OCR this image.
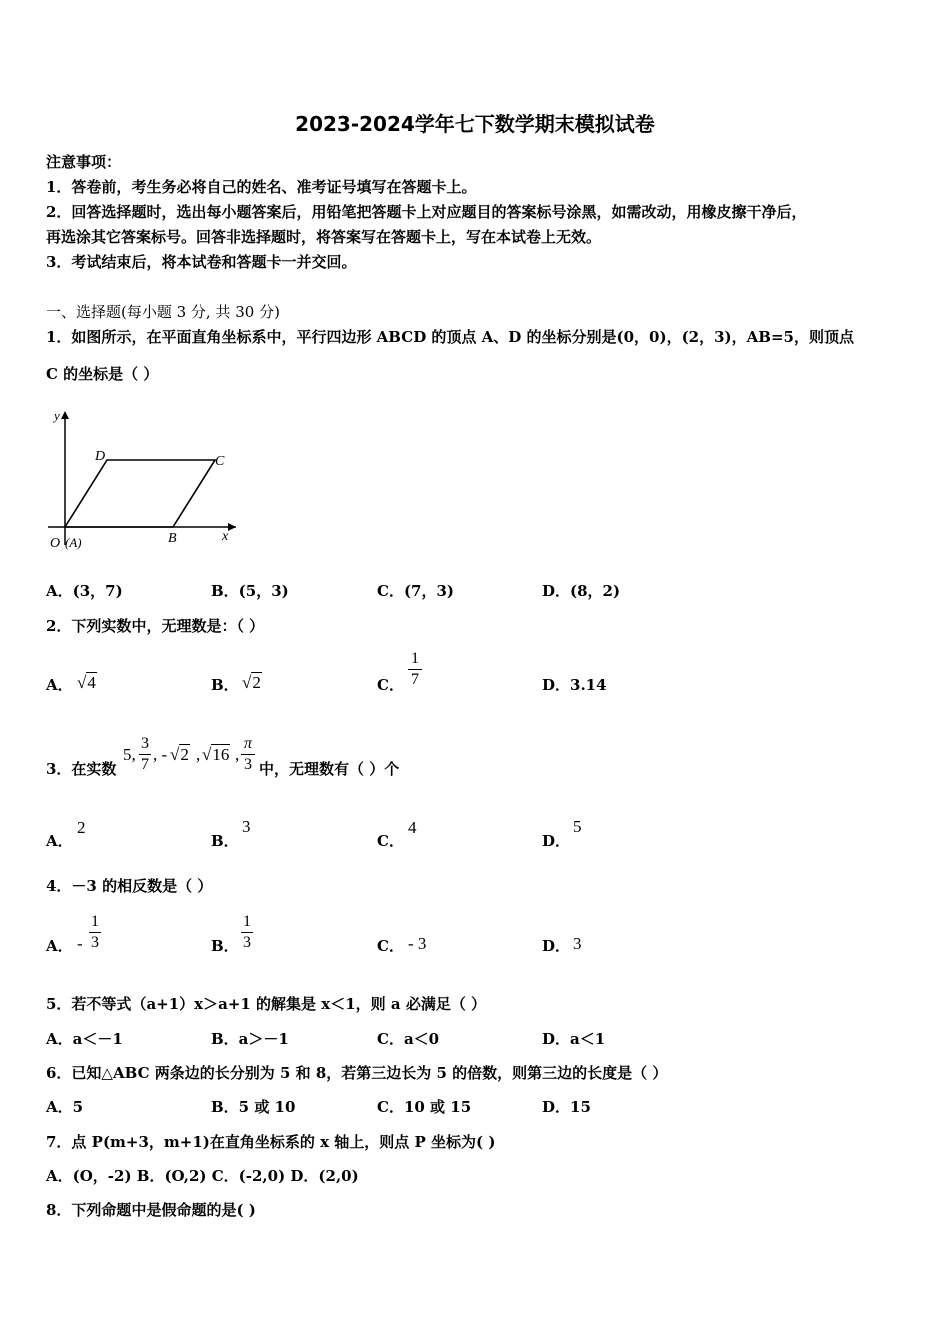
2023-2024学年七下数学期末模拟试卷
注意事项：
1．答卷前，考生务必将自己的姓名、准考证号填写在答题卡上。
2．回答选择题时，选出每小题答案后，用铅笔把答题卡上对应题目的答案标号涂黑，如需改动，用橡皮擦干净后，
再选涂其它答案标号。回答非选择题时，将答案写在答题卡上，写在本试卷上无效。
3．考试结束后，将本试卷和答题卡一并交回。
一、选择题(每小题 3 分, 共 30 分)
1．如图所示，在平面直角坐标系中，平行四边形 ABCD 的顶点 A、D 的坐标分别是(0，0)，(2，3)，AB=5，则顶点
C 的坐标是（ ）
y
x
D	C
B
O (A)
A．(3，7)	B．(5，3)	C．(7，3)	D．(8，2)
2．下列实数中，无理数是：（ ）
A． √4	B． √2	C．
1
7	D．3.14
3．在实数
5,
3
7
, - √2 , √16 ,
π
3 中，无理数有（ ）个
A．
2
B．
3
C．
4
D．
5
4．－3 的相反数是（ ）
A． -
1
3	B．
1
3	C． - 3	D． 3
5．若不等式（a+1）x＞a+1 的解集是 x＜1，则 a 必满足（ ）
A．a＜－1	B．a＞－1	C．a＜0	D．a＜1
6．已知△ABC 两条边的长分别为 5 和 8，若第三边长为 5 的倍数，则第三边的长度是（ ）
A．5	B．5 或 10	C．10 或 15	D．15
7．点 P(m+3，m+1)在直角坐标系的 x 轴上，则点 P 坐标为( )
A．(O，-2) B．(O,2) C．(-2,0) D．(2,0)
8．下列命题中是假命题的是( )
